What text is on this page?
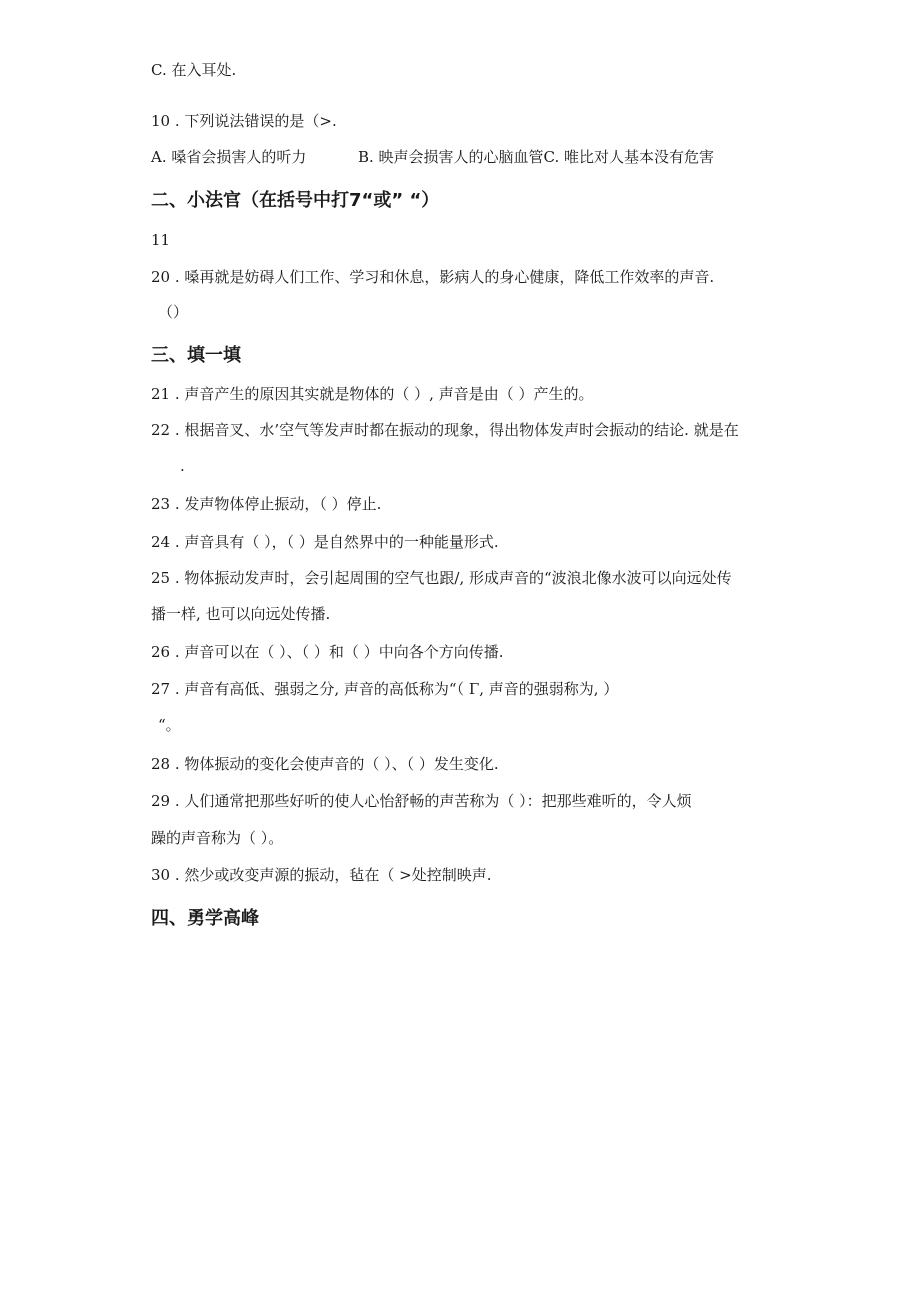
C. 在入耳处.
10 . 下列说法错误的是（>.
A. 嗓省会损害人的听力	B. 映声会损害人的心脑血管C. 唯比对人基本没有危害
二、小法官（在括号中打7“或” “）
11
20 . 嗓再就是妨碍人们工作、学习和休息，影病人的身心健康，降低工作效率的声音.
（）
三、填一填
21 . 声音产生的原因其实就是物体的（ ）, 声音是由（ ）产生的。
22 . 根据音叉、水’空气等发声时都在振动的现象，得出物体发声时会振动的结论. 就是在
.
23 . 发声物体停止振动，（ ）停止.
24 . 声音具有（ ），（ ）是自然界中的一种能量形式.
25 . 物体振动发声时，会引起周围的空气也跟/, 形成声音的“波浪北像水波可以向远处传
播一样, 也可以向远处传播.
26 . 声音可以在（ ）、（ ）和（ ）中向各个方向传播.
27 . 声音有高低、强弱之分, 声音的高低称为“（ Γ, 声音的强弱称为, ）
“。
28 . 物体振动的变化会使声音的（ ）、（ ）发生变化.
29 . 人们通常把那些好听的使人心怡舒畅的声苦称为（ ）：把那些难听的，令人烦
躁的声音称为（ ）。
30 . 然少或改变声源的振动，毡在（ >处控制映声.
四、勇学高峰
